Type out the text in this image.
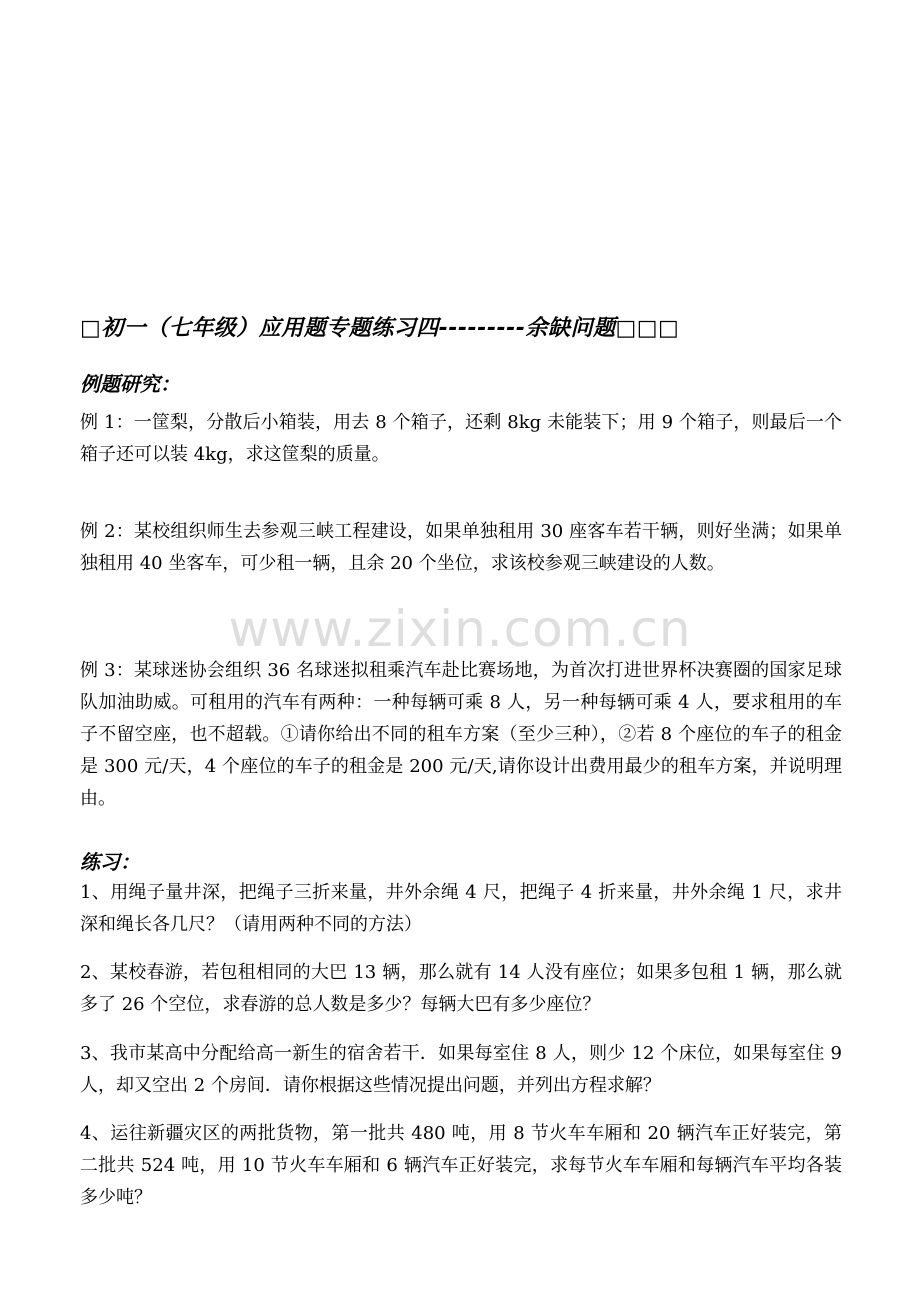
www.zixin.com.cn
□初一（七年级）应用题专题练习四---------余缺问题□□□
例题研究：
例 1：一筐梨，分散后小箱装，用去 8 个箱子，还剩 8kg 未能装下；用 9 个箱子，则最后一个箱子还可以装 4kg，求这筐梨的质量。
例 2：某校组织师生去参观三峡工程建设，如果单独租用 30 座客车若干辆，则好坐满；如果单独租用 40 坐客车，可少租一辆，且余 20 个坐位，求该校参观三峡建设的人数。
例 3：某球迷协会组织 36 名球迷拟租乘汽车赴比赛场地，为首次打进世界杯决赛圈的国家足球队加油助威。可租用的汽车有两种：一种每辆可乘 8 人，另一种每辆可乘 4 人，要求租用的车子不留空座，也不超载。①请你给出不同的租车方案（至少三种），②若 8 个座位的车子的租金是 300 元/天，4 个座位的车子的租金是 200 元/天,请你设计出费用最少的租车方案，并说明理由。
练习：
1、用绳子量井深，把绳子三折来量，井外余绳 4 尺，把绳子 4 折来量，井外余绳 1 尺，求井深和绳长各几尺？（请用两种不同的方法）
2、某校春游，若包租相同的大巴 13 辆，那么就有 14 人没有座位；如果多包租 1 辆，那么就多了 26 个空位，求春游的总人数是多少？每辆大巴有多少座位？
3、我市某高中分配给高一新生的宿舍若干．如果每室住 8 人，则少 12 个床位，如果每室住 9 人，却又空出 2 个房间．请你根据这些情况提出问题，并列出方程求解？
4、运往新疆灾区的两批货物，第一批共 480 吨，用 8 节火车车厢和 20 辆汽车正好装完，第二批共 524 吨，用 10 节火车车厢和 6 辆汽车正好装完，求每节火车车厢和每辆汽车平均各装多少吨？
